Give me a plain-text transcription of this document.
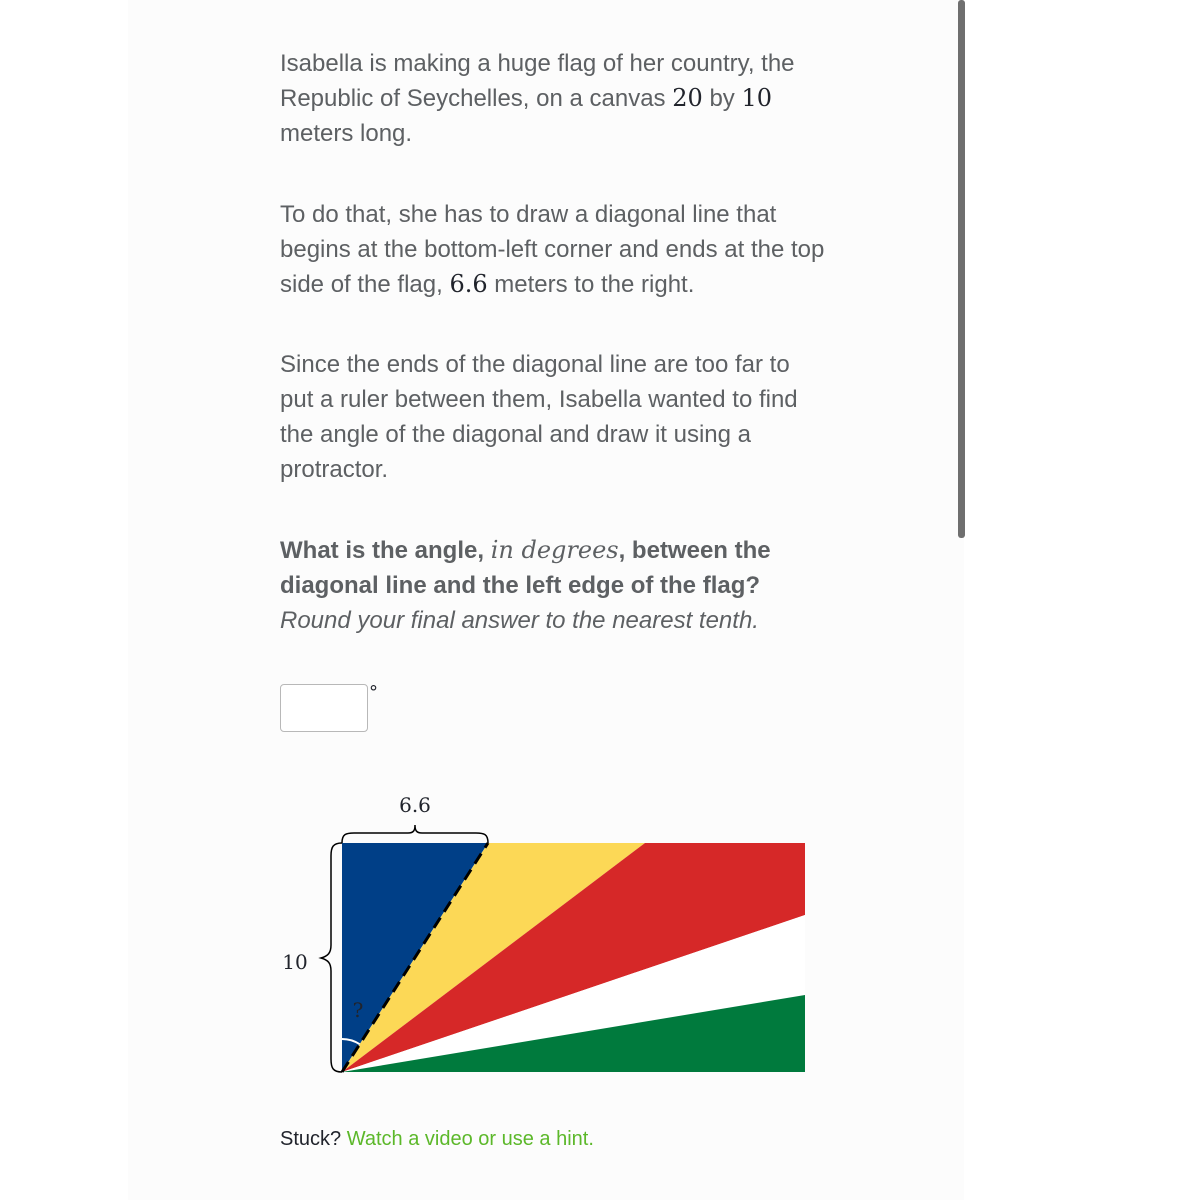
Isabella is making a huge flag of her country, the Republic of Seychelles, on a canvas 20 by 10 meters long.

To do that, she has to draw a diagonal line that begins at the bottom-left corner and ends at the top side of the flag, 6.6 meters to the right.

Since the ends of the diagonal line are too far to put a ruler between them, Isabella wanted to find the angle of the diagonal and draw it using a protractor.

What is the angle, in degrees, between the diagonal line and the left edge of the flag?
Round your final answer to the nearest tenth.

°
6.6
10
?
Stuck? Watch a video or use a hint.
